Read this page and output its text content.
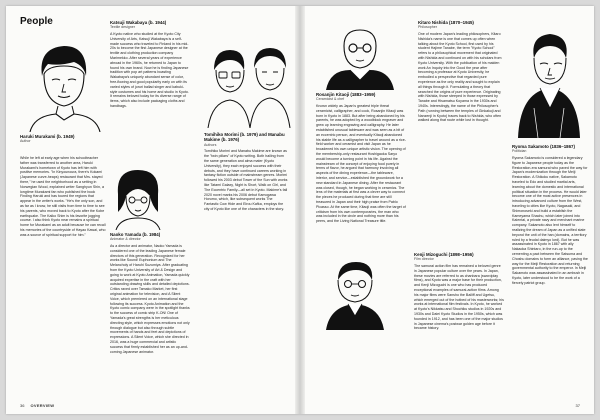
People
Haruki Murakami (b. 1949)
Author

While he left at early age when his schoolteacher father was transferred to another area, Haruki Murakami's hometown of Kyoto has left him with positive memories. "In Kinyounoura, there's Kokami (Japanese curve-heaps) restaurant that Mrs. stayed there," he used the neighborhood as a setting in Norwegian Wood, explained writer Sanghyun Shin, a longtime Murakami fan who published the book Finding Haruki and has toured the regions that appear in the writer's works. "He's the only son, and as far as I know, he still visits from time to time to see his parents, who moved back to Kyoto after the Kobe earthquake. The Kaiko Shim is his favorite jogging course. I also think Kyoto near remains a spiritual home for Murakami as an adult because he can recall his memories of the countryside of Hayao Kawai, who was a source of spiritual support for him."

Katsuji Wakabaya (b. 1944)
Textile designer

A Kyoto native who studied at the Kyoto City University of Arts, Katsuji Wakabaya is a self-made success who traveled to Finland in his mid-20s to become the first Japanese designer at the textile and clothing production company Marimekko. After several years of experience abroad in the 1960s, he returned to Japan to found his own brand. Now he is finding Japanese tradition with pop art patterns boasting Wakabaya's uniquely abundant sense of color, free-flowing and good popularity early on with its varied styles of joruri ballad singer and kabuki-style costumes and his home and studio in Kyoto. It remains beloved today for its diverse range of items, which also include packaging cloths and handbags.

Naoko Yamada (b. 1984)
Animator & director

As a director and animator, Naoko Yamada is considered one of the leading Japanese female directors of this generation. Recognized for her works like Sound! Euphonium and The Melancholy of Haruhi Suzumiya. After graduating from the Kyoto University of Art & Design and going to work at Kyoto Animation, Yamada quickly acquired expertise in the craft with her outstanding drawing skills and detailed depictions. Critics raved over Tamako Market, her first original animation for television, and A Silent Voice, which premiered on an international stage following its success. Kyoto Animation and the Kyoto comic company were in the spotlight thanks to the success of comic strip K-ON! One of Yamada's great strengths is her meticulous directing style, which expresses emotions not only through dialogue but also through subtle movements of hands and feet and depictions of expressions. A Silent Voice, which she directed in 2016, was a huge commercial and artistic success that firmly established her as an up-and-coming Japanese animator.

Tomihiko Morimi (b. 1979) and Manabu Makime (b. 1976)
Authors

Tomihiko Morimi and Manabu Makime are known as the "twin pillars" of Kyoto writing. Both hailing from the same generation and alma mater (Kyoto University), they each enjoyed success with their debuts, and they have continued careers working in fantasy fiction outside of mainstream genres. Morimi followed his 2003 debut Tower of the Sun with works like Tatami Galaxy, Night is Short, Walk on Girl, and The Eccentric Family—all set in Kyoto. Makime's fall 2020 novel marks his 2006 debut Kamogawa Horumo, which, like subsequent works The Fantastic Cow Hide and Eirou Kafka, employs the city of Kyoto like one of the characters in the story.

36 OVERVIEW
Rosanjin Kitaoji (1883–1959)
Ceramicist & chef

Known widely as Japan's greatest triple threat ceramicist, calligrapher, and cook, Rosanjin Kitaoji was born in Kyoto in 1883. But after being abandoned by his parents, he was adopted by a woodblock engraver and grew up learning engraving and calligraphy. He later established unusual tableware and was seen as a bit of an eccentric person, and eventually Kitaoji abandoned his stable life as a calligrapher to travel around as a rice-field worker and ceramist and visit Japan as he broadened his own unique artistic vision. The opening of the membership-only restaurant Hoshigaoka Saryo would become a turning point in his life. Against the mainstream of the concept of enjoying food purely in terms of flavor, he argued that harmony involving all aspects of the dining experience—the tableware, interior, and service—established the groundwork for a new standard in Japanese dining. After the restaurant was closed, though, he began working in ceramics. The lens of the materials at first was a clever way to connect the pieces he produced during that time are still treasured in Japan and their high praise from Pablo Picasso. At the same time, Kitaoji was often the target of criticism from his own contemporaries, the man who was included in the circle and nothing more than his peers, and the Living National Treasure title.

Kitaro Nishida (1870–1945)
Philosopher

One of modern Japan's leading philosophers, Kitaro Nishida's name is one that comes up often when talking about the Kyoto School, first used by his student Hajime Tanabe, the term "Kyoto School" refers to a philosophical movement that originated with Nishida and continued on with his scholars from Kyoto University. With the publication of his maiden work An Inquiry into the Good the year after becoming a professor at Kyoto University, he embodied a perspective that regarded pure experience as the only reality and sought to explain all things through it. Formulating a theory that searched the origins of pure experience. Originating with Nishida, those steeped in those expressed by Tanabe and Hisamatsu Koyama in the 1930s and 1940s. Interestingly, the name of the Philosopher's Path (running between the temples of Ginkakuji and Nanzenji in Kyoto) traces back to Nishida, who often walked along that route while lost in thought.

Kenji Mizoguchi (1898–1956)
Film director

The samurai action film has remained a beloved genre in Japanese popular culture over the years. In Japan, these movies are referred to as chanbara (swordplay films), and Kyoto was a major base for their production, and Kenji Mizoguchi is one who has produced exceptional examples of samurai-action films. Among his major films were Sansho the Bailiff and Ugetsu, which emerged out of the hotbed of his masterworks; his works at international film festivals. In Kyoto, he worked at Kyoto's Nikkatsu and Shochiku studios in 1920s and 1930s and Daiei Kyoto Studios in the 1950s, which was founded in 1912, and has been one of the major studios in Japanese cinema's postwar golden age before it became history.

Ryoma Sakamoto (1836–1867)
Politician

Ryoma Sakamoto is considered a legendary figure to Japanese people today as the Restoration-era samurai who paved the way for Japan's modernization through the Meiji Restoration. A Shikoku native, Sakamoto traveled to Edo and studied martial arts, learning about the domestic and international political situation in the process. He would later become one of the most active presences in introducing advanced culture from the West, traveling to cities like Kyoto, Nagasaki, and Shimonoseki and build a establish the Kameyama Shachu, which later joined into Kaientai, a private navy and merchant marine company. Sakamoto also lent himself to realizing the dream of Japan as a unified state beyond the unit of the han (domains, a territory ruled by a feudal daimyo lord). But he was assassinated in Kyoto in 1867 with ally Nakaoka Shintaro, in the run-up to the cementing a pact between the Satsuma and Choshu domains to form an alliance, paving the way for the Meiji Restoration and returning governmental authority to the emperor. In Meiji Sakamoto was assassinated in an ambush in Kyoto, later understood to be the work of a fiercely patriot group.

37
